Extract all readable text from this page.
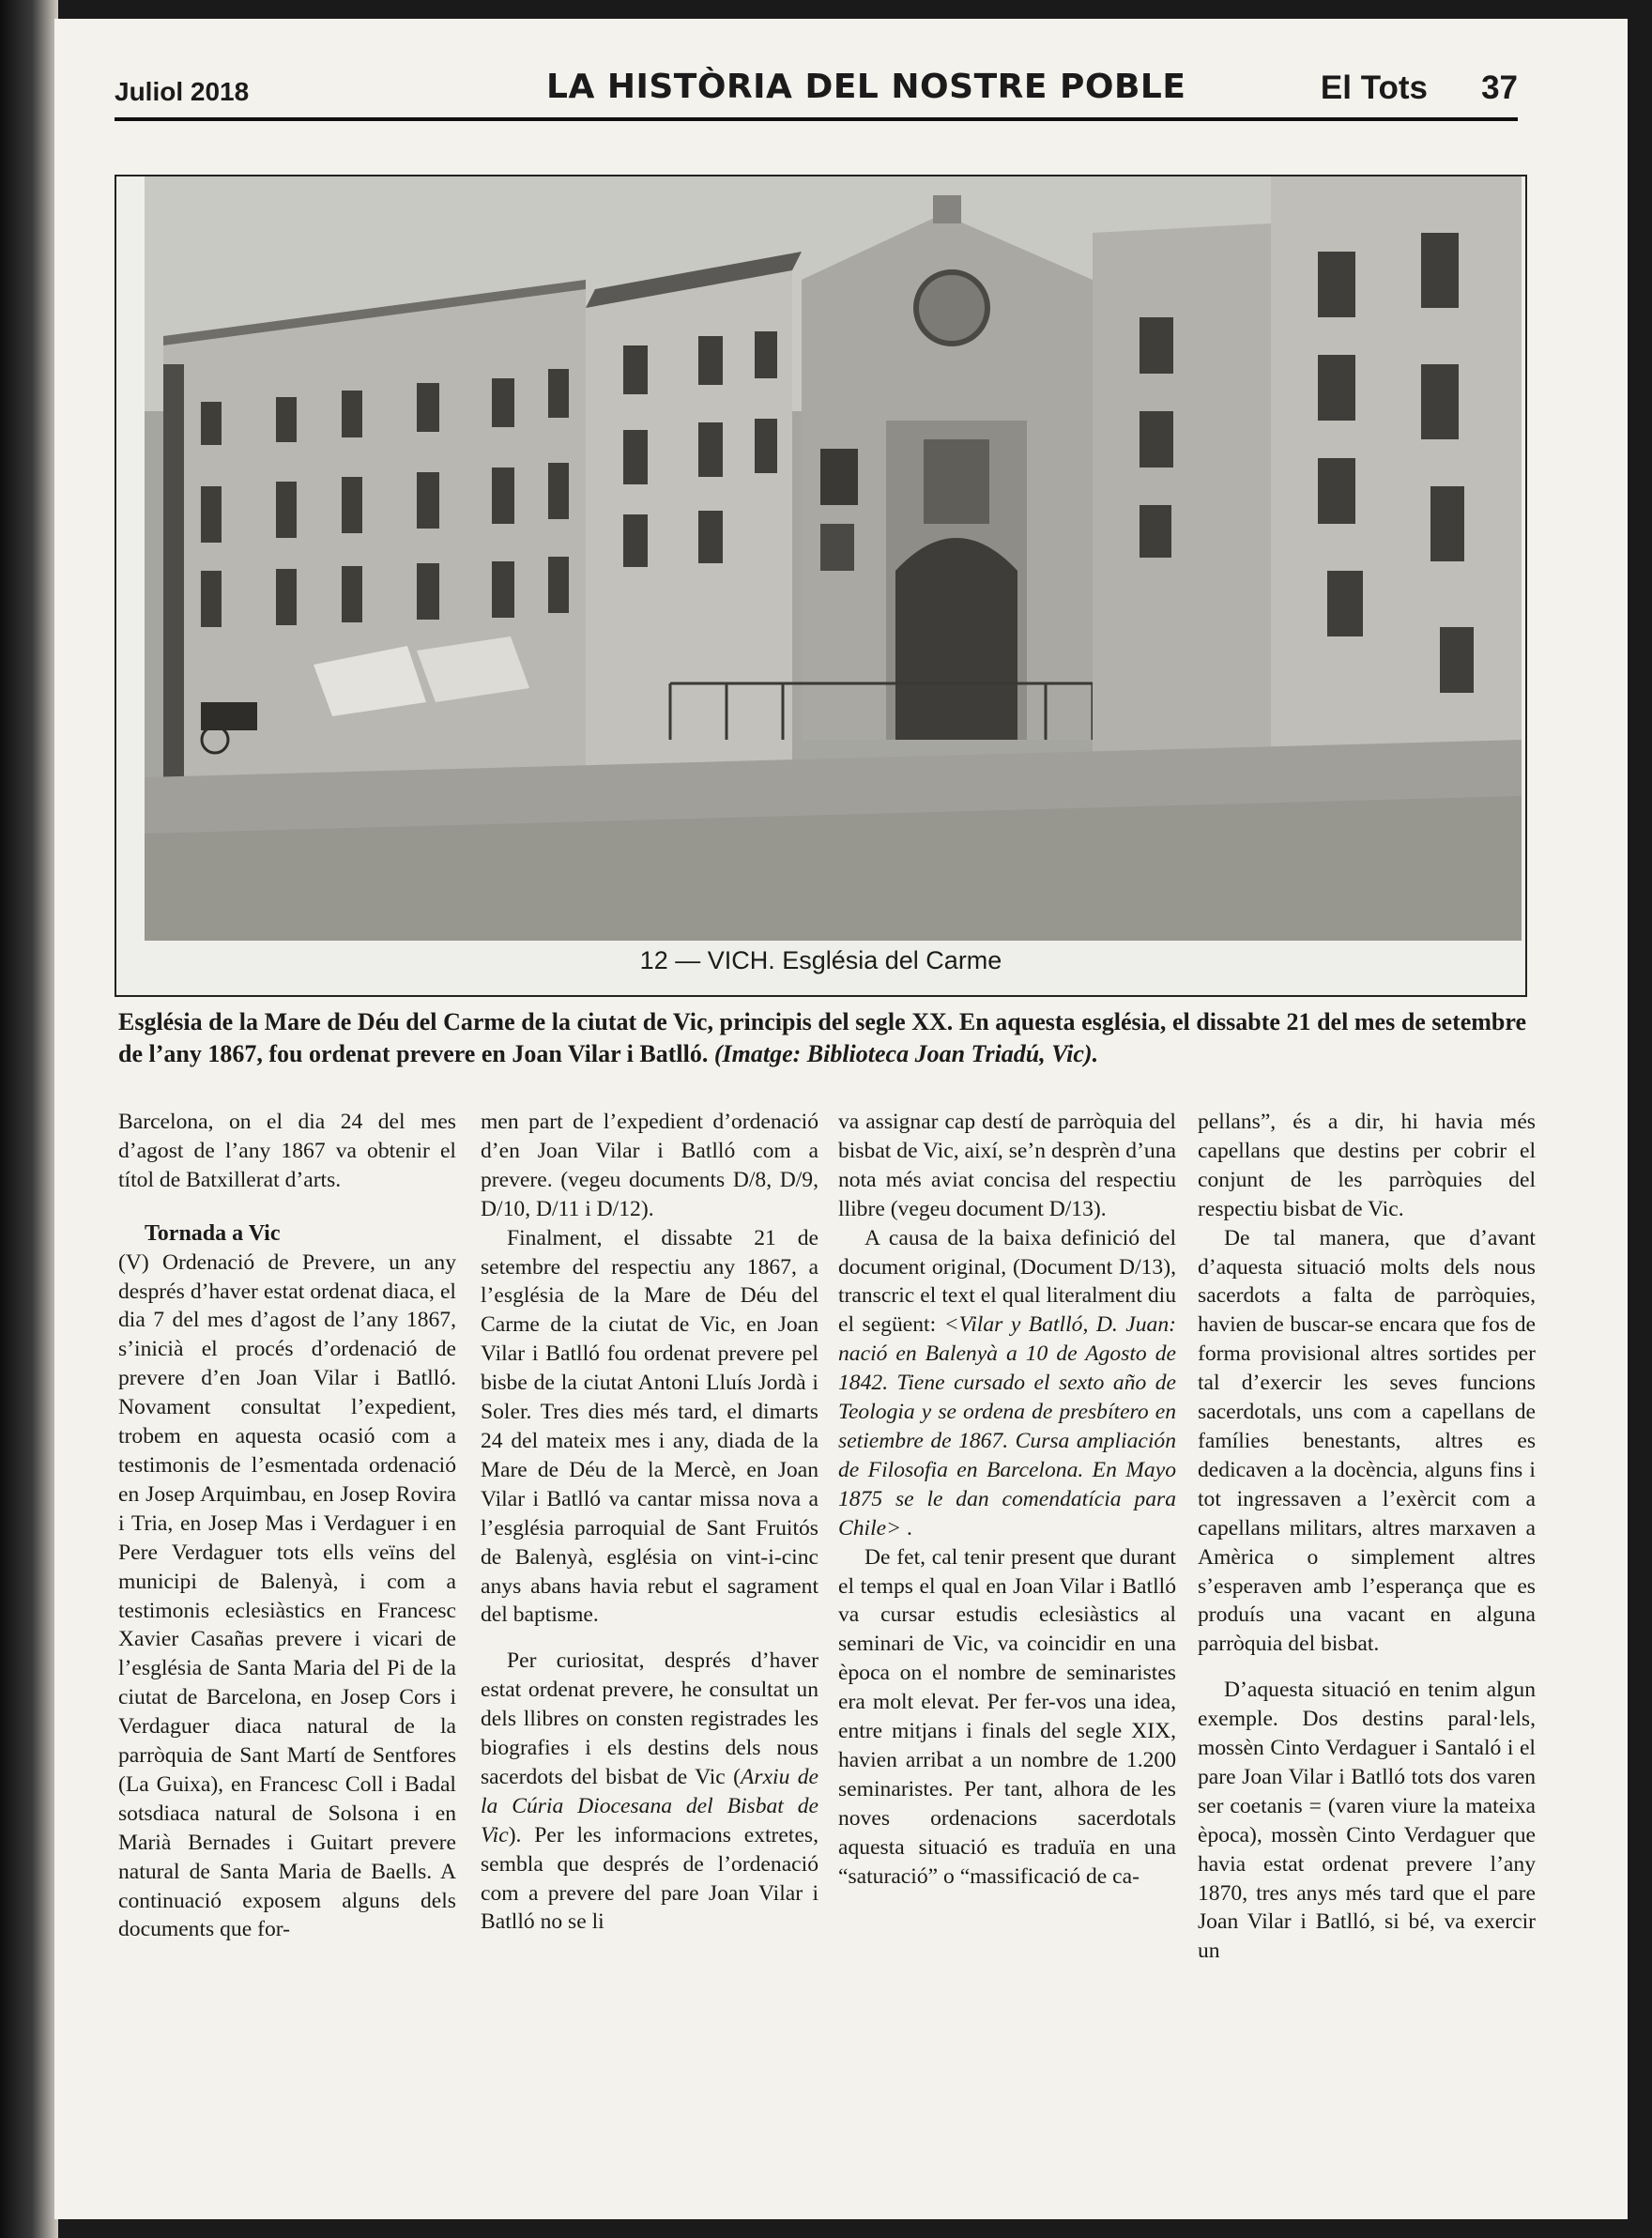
Juliol 2018	LA HISTÒRIA DEL NOSTRE POBLE	El Tots 37
12 — VICH. Església del Carme
Església de la Mare de Déu del Carme de la ciutat de Vic, principis del segle XX. En aquesta església, el dissabte 21 del mes de setembre de l’any 1867, fou ordenat prevere en Joan Vilar i Batlló. (Imatge: Biblioteca Joan Triadú, Vic).

Barcelona, on el dia 24 del mes d’agost de l’any 1867 va obtenir el títol de Batxillerat d’arts.

Tornada a Vic

(V) Ordenació de Prevere, un any després d’haver estat ordenat diaca, el dia 7 del mes d’agost de l’any 1867, s’inicià el procés d’ordenació de prevere d’en Joan Vilar i Batlló. Novament consultat l’expedient, trobem en aquesta ocasió com a testimonis de l’esmentada ordenació en Josep Arquimbau, en Josep Rovira i Tria, en Josep Mas i Verdaguer i en Pere Verdaguer tots ells veïns del municipi de Balenyà, i com a testimonis eclesiàstics en Francesc Xavier Casañas prevere i vicari de l’església de Santa Maria del Pi de la ciutat de Barcelona, en Josep Cors i Verdaguer diaca natural de la parròquia de Sant Martí de Sentfores (La Guixa), en Francesc Coll i Badal sotsdiaca natural de Solsona i en Marià Bernades i Guitart prevere natural de Santa Maria de Baells. A continuació exposem alguns dels documents que for-

men part de l’expedient d’ordenació d’en Joan Vilar i Batlló com a prevere. (vegeu documents D/8, D/9, D/10, D/11 i D/12).

Finalment, el dissabte 21 de setembre del respectiu any 1867, a l’església de la Mare de Déu del Carme de la ciutat de Vic, en Joan Vilar i Batlló fou ordenat prevere pel bisbe de la ciutat Antoni Lluís Jordà i Soler. Tres dies més tard, el dimarts 24 del mateix mes i any, diada de la Mare de Déu de la Mercè, en Joan Vilar i Batlló va cantar missa nova a l’església parroquial de Sant Fruitós de Balenyà, església on vint-i-cinc anys abans havia rebut el sagrament del baptisme.

Per curiositat, després d’haver estat ordenat prevere, he consultat un dels llibres on consten registrades les biografies i els destins dels nous sacerdots del bisbat de Vic (Arxiu de la Cúria Diocesana del Bisbat de Vic). Per les informacions extretes, sembla que després de l’ordenació com a prevere del pare Joan Vilar i Batlló no se li

va assignar cap destí de parròquia del bisbat de Vic, així, se’n desprèn d’una nota més aviat concisa del respectiu llibre (vegeu document D/13).

A causa de la baixa definició del document original, (Document D/13), transcric el text el qual literalment diu el següent: <Vilar y Batlló, D. Juan: nació en Balenyà a 10 de Agosto de 1842. Tiene cursado el sexto año de Teologia y se ordena de presbítero en setiembre de 1867. Cursa ampliación de Filosofia en Barcelona. En Mayo 1875 se le dan comendatícia para Chile> .

De fet, cal tenir present que durant el temps el qual en Joan Vilar i Batlló va cursar estudis eclesiàstics al seminari de Vic, va coincidir en una època on el nombre de seminaristes era molt elevat. Per fer-vos una idea, entre mitjans i finals del segle XIX, havien arribat a un nombre de 1.200 seminaristes. Per tant, alhora de les noves ordenacions sacerdotals aquesta situació es traduïa en una “saturació” o “massificació de ca-

pellans”, és a dir, hi havia més capellans que destins per cobrir el conjunt de les parròquies del respectiu bisbat de Vic.

De tal manera, que d’avant d’aquesta situació molts dels nous sacerdots a falta de parròquies, havien de buscar-se encara que fos de forma provisional altres sortides per tal d’exercir les seves funcions sacerdotals, uns com a capellans de famílies benestants, altres es dedicaven a la docència, alguns fins i tot ingressaven a l’exèrcit com a capellans militars, altres marxaven a Amèrica o simplement altres s’esperaven amb l’esperança que es produís una vacant en alguna parròquia del bisbat.

D’aquesta situació en tenim algun exemple. Dos destins paral·lels, mossèn Cinto Verdaguer i Santaló i el pare Joan Vilar i Batlló tots dos varen ser coetanis = (varen viure la mateixa època), mossèn Cinto Verdaguer que havia estat ordenat prevere l’any 1870, tres anys més tard que el pare Joan Vilar i Batlló, si bé, va exercir un
